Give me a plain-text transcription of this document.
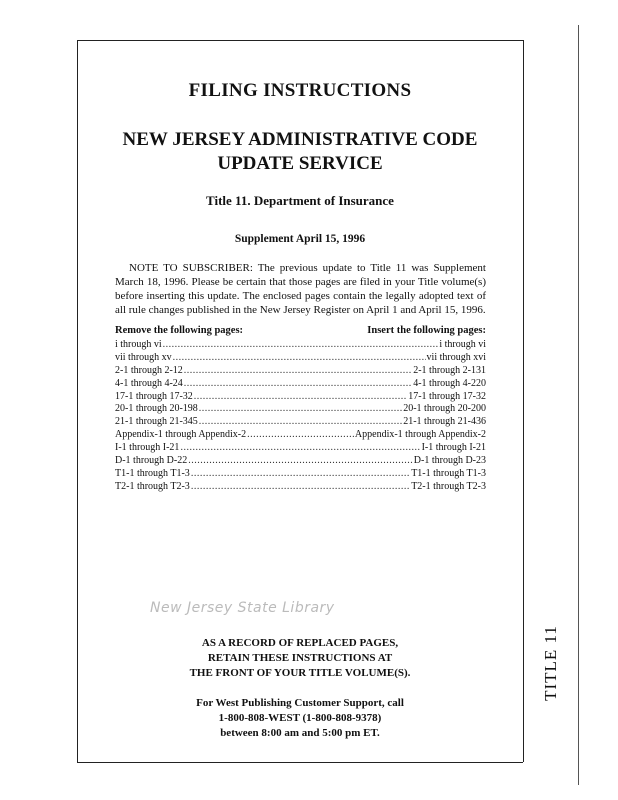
FILING INSTRUCTIONS
NEW JERSEY ADMINISTRATIVE CODE
UPDATE SERVICE
Title 11. Department of Insurance
Supplement April 15, 1996
NOTE TO SUBSCRIBER: The previous update to Title 11 was Supplement March 18, 1996. Please be certain that those pages are filed in your Title volume(s) before inserting this update. The enclosed pages contain the legally adopted text of all rule changes published in the New Jersey Register on April 1 and April 15, 1996.
Remove the following pages:	Insert the following pages:
i through vi .....	i through vi
vii through xv .....	vii through xvi
2-1 through 2-12 .....	2-1 through 2-131
4-1 through 4-24 .....	4-1 through 4-220
17-1 through 17-32 .....	17-1 through 17-32
20-1 through 20-198 .....	20-1 through 20-200
21-1 through 21-345 .....	21-1 through 21-436
Appendix-1 through Appendix-2 .....	Appendix-1 through Appendix-2
I-1 through I-21 .....	I-1 through I-21
D-1 through D-22 .....	D-1 through D-23
T1-1 through T1-3 .....	T1-1 through T1-3
T2-1 through T2-3 .....	T2-1 through T2-3
New Jersey State Library
AS A RECORD OF REPLACED PAGES,
RETAIN THESE INSTRUCTIONS AT
THE FRONT OF YOUR TITLE VOLUME(S).
For West Publishing Customer Support, call
1-800-808-WEST (1-800-808-9378)
between 8:00 am and 5:00 pm ET.
TITLE 11
